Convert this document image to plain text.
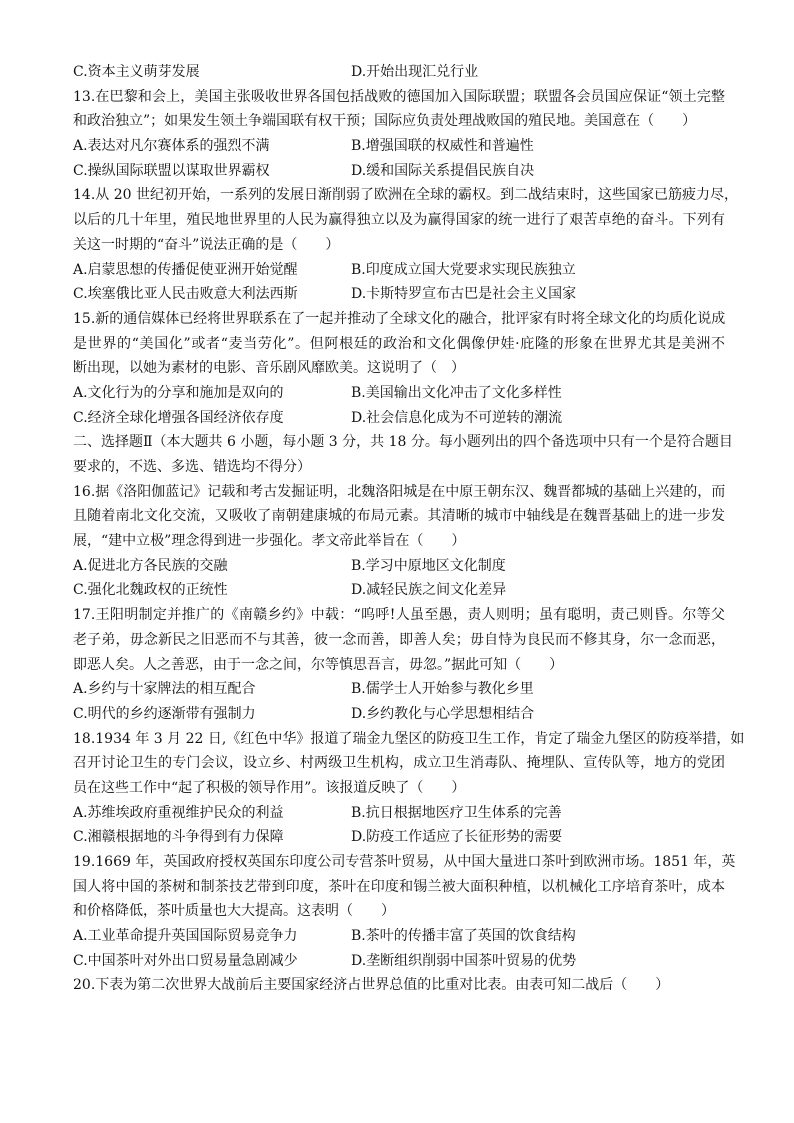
C.资本主义萌芽发展	D.开始出现汇兑行业
13.在巴黎和会上，美国主张吸收世界各国包括战败的德国加入国际联盟；联盟各会员国应保证“领土完整
和政治独立”；如果发生领土争端国联有权干预；国际应负责处理战败国的殖民地。美国意在（　　）
A.表达对凡尔赛体系的强烈不满	B.增强国联的权威性和普遍性
C.操纵国际联盟以谋取世界霸权	D.缓和国际关系提倡民族自决
14.从 20 世纪初开始，一系列的发展日渐削弱了欧洲在全球的霸权。到二战结束时，这些国家已筋疲力尽，
以后的几十年里，殖民地世界里的人民为赢得独立以及为赢得国家的统一进行了艰苦卓绝的奋斗。下列有
关这一时期的“奋斗”说法正确的是（　　）
A.启蒙思想的传播促使亚洲开始觉醒	B.印度成立国大党要求实现民族独立
C.埃塞俄比亚人民击败意大利法西斯	D.卡斯特罗宣布古巴是社会主义国家
15.新的通信媒体已经将世界联系在了一起并推动了全球文化的融合，批评家有时将全球文化的均质化说成
是世界的“美国化”或者“麦当劳化”。但阿根廷的政治和文化偶像伊娃·庇隆的形象在世界尤其是美洲不
断出现，以她为素材的电影、音乐剧风靡欧美。这说明了（　）
A.文化行为的分享和施加是双向的	B.美国输出文化冲击了文化多样性
C.经济全球化增强各国经济依存度	D.社会信息化成为不可逆转的潮流
二、选择题Ⅱ（本大题共 6 小题，每小题 3 分，共 18 分。每小题列出的四个备选项中只有一个是符合题目
要求的，不选、多选、错选均不得分）
16.据《洛阳伽蓝记》记载和考古发掘证明，北魏洛阳城是在中原王朝东汉、魏晋都城的基础上兴建的，而
且随着南北文化交流，又吸收了南朝建康城的布局元素。其清晰的城市中轴线是在魏晋基础上的进一步发
展，“建中立极”理念得到进一步强化。孝文帝此举旨在（　　）
A.促进北方各民族的交融	B.学习中原地区文化制度
C.强化北魏政权的正统性	D.减轻民族之间文化差异
17.王阳明制定并推广的《南赣乡约》中载：“呜呼!人虽至愚，责人则明；虽有聪明，责己则昏。尔等父
老子弟，毋念新民之旧恶而不与其善，彼一念而善，即善人矣；毋自恃为良民而不修其身，尔一念而恶，
即恶人矣。人之善恶，由于一念之间，尔等慎思吾言，毋忽。”据此可知（　　）
A.乡约与十家牌法的相互配合	B.儒学士人开始参与教化乡里
C.明代的乡约逐渐带有强制力	D.乡约教化与心学思想相结合
18.1934 年 3 月 22 日,《红色中华》报道了瑞金九堡区的防疫卫生工作，肯定了瑞金九堡区的防疫举措，如
召开讨论卫生的专门会议，设立乡、村两级卫生机构，成立卫生消毒队、掩埋队、宣传队等，地方的党团
员在这些工作中“起了积极的领导作用”。该报道反映了（　　）
A.苏维埃政府重视维护民众的利益	B.抗日根据地医疗卫生体系的完善
C.湘赣根据地的斗争得到有力保障	D.防疫工作适应了长征形势的需要
19.1669 年，英国政府授权英国东印度公司专营茶叶贸易，从中国大量进口茶叶到欧洲市场。1851 年，英
国人将中国的茶树和制茶技艺带到印度，茶叶在印度和锡兰被大面积种植，以机械化工序培育茶叶，成本
和价格降低，茶叶质量也大大提高。这表明（　　）
A.工业革命提升英国国际贸易竞争力	B.茶叶的传播丰富了英国的饮食结构
C.中国茶叶对外出口贸易量急剧减少	D.垄断组织削弱中国茶叶贸易的优势
20.下表为第二次世界大战前后主要国家经济占世界总值的比重对比表。由表可知二战后（　　）
